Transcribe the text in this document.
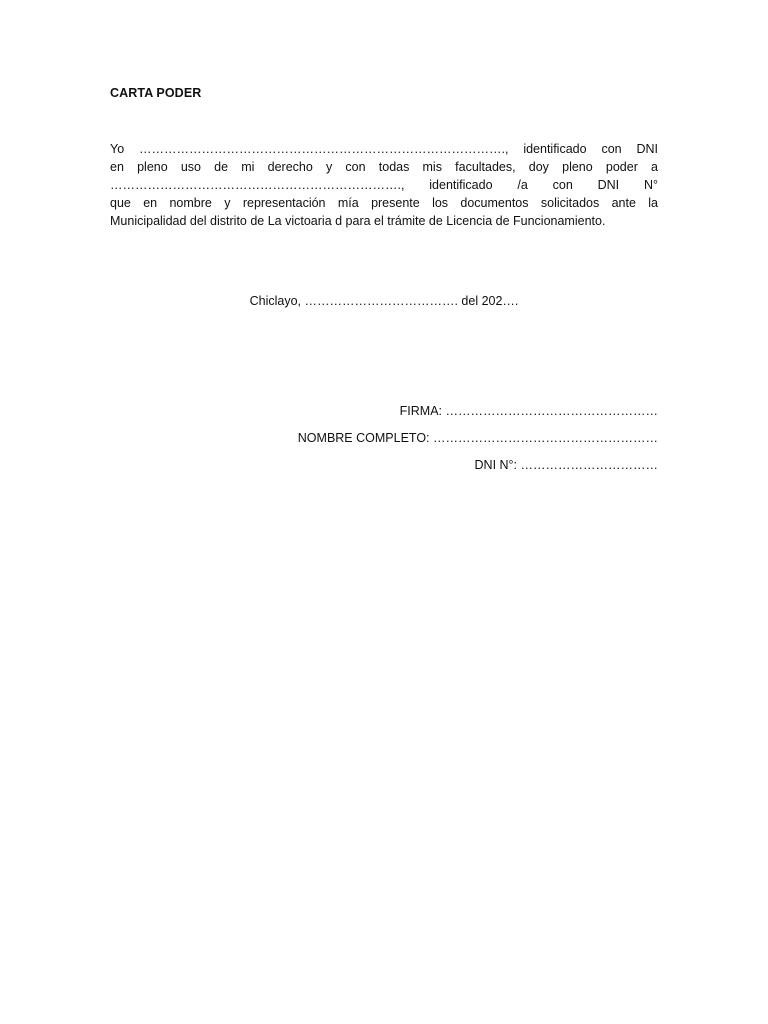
CARTA PODER
Yo ……………………………………………………………………………., identificado con DNI
en pleno uso de mi derecho y con todas mis facultades, doy pleno poder a
……………………………………………………………., identificado /a con DNI N°
que en nombre y representación mía presente los documentos solicitados ante la
Municipalidad del distrito de La victoaria d para el trámite de Licencia de Funcionamiento.
Chiclayo, ………………………………. del 202….
FIRMA: ……………………………………………
NOMBRE COMPLETO: ………………………………………………
DNI N°: ……………………………
